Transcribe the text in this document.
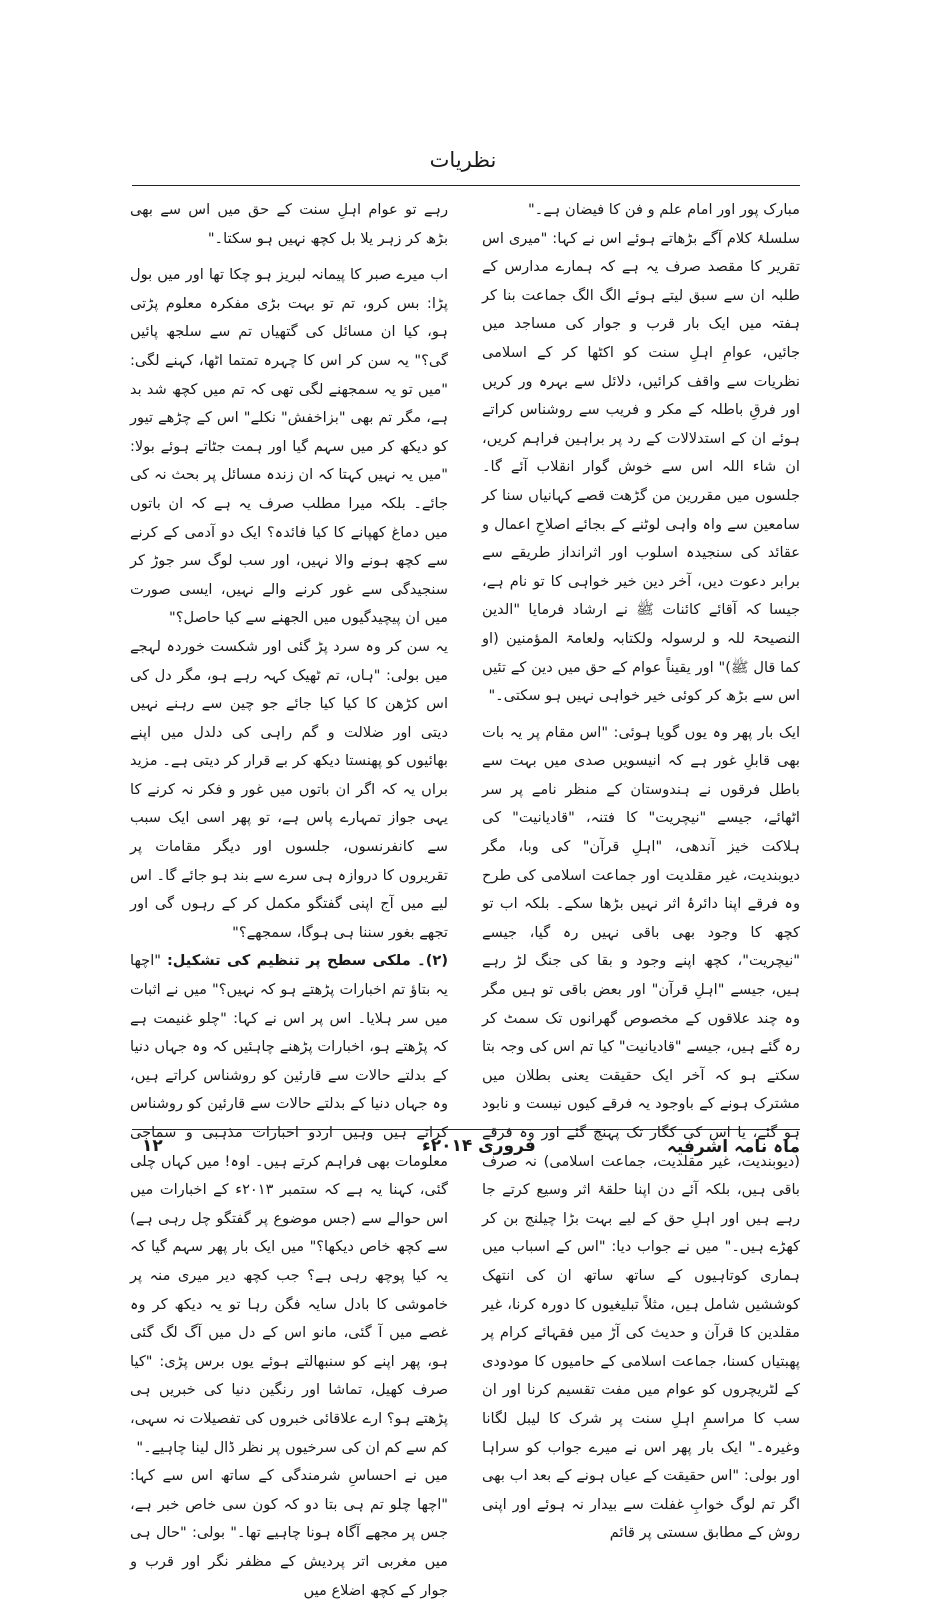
نظریات

مبارک پور اور امام علم و فن کا فیضان ہے۔"

سلسلۂ کلام آگے بڑھاتے ہوئے اس نے کہا: "میری اس تقریر کا مقصد صرف یہ ہے کہ ہمارے مدارس کے طلبہ ان سے سبق لیتے ہوئے الگ الگ جماعت بنا کر ہفتہ میں ایک بار قرب و جوار کی مساجد میں جائیں، عوامِ اہلِ سنت کو اکٹھا کر کے اسلامی نظریات سے واقف کرائیں، دلائل سے بہرہ ور کریں اور فرقِ باطلہ کے مکر و فریب سے روشناس کراتے ہوئے ان کے استدلالات کے رد پر براہین فراہم کریں، ان شاء اللہ اس سے خوش گوار انقلاب آئے گا۔ جلسوں میں مقررین من گڑھت قصے کہانیاں سنا کر سامعین سے واہ واہی لوٹنے کے بجائے اصلاحِ اعمال و عقائد کی سنجیدہ اسلوب اور اثرانداز طریقے سے برابر دعوت دیں، آخر دین خیر خواہی کا تو نام ہے، جیسا کہ آقائے کائنات ﷺ نے ارشاد فرمایا "الدین النصیحۃ للہ و لرسولہ ولکتابہ ولعامۃ المؤمنین (او کما قال ﷺ)" اور یقیناً عوام کے حق میں دین کے تئیں اس سے بڑھ کر کوئی خیر خواہی نہیں ہو سکتی۔"

ایک بار پھر وہ یوں گویا ہوئی: "اس مقام پر یہ بات بھی قابلِ غور ہے کہ انیسویں صدی میں بہت سے باطل فرقوں نے ہندوستان کے منظر نامے پر سر اٹھائے، جیسے "نیچریت" کا فتنہ، "قادیانیت" کی ہلاکت خیز آندھی، "اہلِ قرآن" کی وبا، مگر دیوبندیت، غیر مقلدیت اور جماعت اسلامی کی طرح وہ فرقے اپنا دائرۂ اثر نہیں بڑھا سکے۔ بلکہ اب تو کچھ کا وجود بھی باقی نہیں رہ گیا، جیسے "نیچریت"، کچھ اپنے وجود و بقا کی جنگ لڑ رہے ہیں، جیسے "اہلِ قرآن" اور بعض باقی تو ہیں مگر وہ چند علاقوں کے مخصوص گھرانوں تک سمٹ کر رہ گئے ہیں، جیسے "قادیانیت" کیا تم اس کی وجہ بتا سکتے ہو کہ آخر ایک حقیقت یعنی بطلان میں مشترک ہونے کے باوجود یہ فرقے کیوں نیست و نابود ہو گئے، یا اس کی کگار تک پہنچ گئے اور وہ فرقے (دیوبندیت، غیر مقلدیت، جماعت اسلامی) نہ صرف باقی ہیں، بلکہ آئے دن اپنا حلقۂ اثر وسیع کرتے جا رہے ہیں اور اہلِ حق کے لیے بہت بڑا چیلنج بن کر کھڑے ہیں۔" میں نے جواب دیا: "اس کے اسباب میں ہماری کوتاہیوں کے ساتھ ساتھ ان کی انتھک کوششیں شامل ہیں، مثلاً تبلیغیوں کا دورہ کرنا، غیر مقلدین کا قرآن و حدیث کی آڑ میں فقہائے کرام پر پھبتیاں کسنا، جماعت اسلامی کے حامیوں کا مودودی کے لٹریچروں کو عوام میں مفت تقسیم کرنا اور ان سب کا مراسمِ اہلِ سنت پر شرک کا لیبل لگانا وغیرہ۔" ایک بار پھر اس نے میرے جواب کو سراہا اور بولی: "اس حقیقت کے عیاں ہونے کے بعد اب بھی اگر تم لوگ خوابِ غفلت سے بیدار نہ ہوئے اور اپنی روش کے مطابق سستی پر قائم

رہے تو عوام اہلِ سنت کے حق میں اس سے بھی بڑھ کر زہر یلا بل کچھ نہیں ہو سکتا۔"

اب میرے صبر کا پیمانہ لبریز ہو چکا تھا اور میں بول پڑا: بس کرو، تم تو بہت بڑی مفکرہ معلوم پڑتی ہو، کیا ان مسائل کی گتھیاں تم سے سلجھ پائیں گی؟" یہ سن کر اس کا چہرہ تمتما اٹھا، کہنے لگی: "میں تو یہ سمجھنے لگی تھی کہ تم میں کچھ شد بد ہے، مگر تم بھی "بزاخفش" نکلے" اس کے چڑھے تیور کو دیکھ کر میں سہم گیا اور ہمت جٹاتے ہوئے بولا: "میں یہ نہیں کہتا کہ ان زندہ مسائل پر بحث نہ کی جائے۔ بلکہ میرا مطلب صرف یہ ہے کہ ان باتوں میں دماغ کھپانے کا کیا فائدہ؟ ایک دو آدمی کے کرنے سے کچھ ہونے والا نہیں، اور سب لوگ سر جوڑ کر سنجیدگی سے غور کرنے والے نہیں، ایسی صورت میں ان پیچیدگیوں میں الجھنے سے کیا حاصل؟"

یہ سن کر وہ سرد پڑ گئی اور شکست خوردہ لہجے میں بولی: "ہاں، تم ٹھیک کہہ رہے ہو، مگر دل کی اس کڑھن کا کیا کیا جائے جو چین سے رہنے نہیں دیتی اور ضلالت و گم راہی کی دلدل میں اپنے بھائیوں کو پھنستا دیکھ کر بے قرار کر دیتی ہے۔ مزید براں یہ کہ اگر ان باتوں میں غور و فکر نہ کرنے کا یہی جواز تمہارے پاس ہے، تو پھر اسی ایک سبب سے کانفرنسوں، جلسوں اور دیگر مقامات پر تقریروں کا دروازہ ہی سرے سے بند ہو جائے گا۔ اس لیے میں آج اپنی گفتگو مکمل کر کے رہوں گی اور تجھے بغور سننا ہی ہوگا، سمجھے؟"

(۲)۔ ملکی سطح پر تنظیم کی تشکیل: "اچھا یہ بتاؤ تم اخبارات پڑھتے ہو کہ نہیں؟" میں نے اثبات میں سر ہلایا۔ اس پر اس نے کہا: "چلو غنیمت ہے کہ پڑھتے ہو، اخبارات پڑھنے چاہئیں کہ وہ جہاں دنیا کے بدلتے حالات سے قارئین کو روشناس کراتے ہیں، وہ جہاں دنیا کے بدلتے حالات سے قارئین کو روشناس کراتے ہیں وہیں اردو اخبارات مذہبی و سماجی معلومات بھی فراہم کرتے ہیں۔ اوہ! میں کہاں چلی گئی، کہنا یہ ہے کہ ستمبر ۲۰۱۳ء کے اخبارات میں اس حوالے سے (جس موضوع پر گفتگو چل رہی ہے) سے کچھ خاص دیکھا؟" میں ایک بار پھر سہم گیا کہ یہ کیا پوچھ رہی ہے؟ جب کچھ دیر میری منہ پر خاموشی کا بادل سایہ فگن رہا تو یہ دیکھ کر وہ غصے میں آ گئی، مانو اس کے دل میں آگ لگ گئی ہو، پھر اپنے کو سنبھالتے ہوئے یوں برس پڑی: "کیا صرف کھیل، تماشا اور رنگین دنیا کی خبریں ہی پڑھتے ہو؟ ارے علاقائی خبروں کی تفصیلات نہ سہی، کم سے کم ان کی سرخیوں پر نظر ڈال لینا چاہیے۔"

میں نے احساسِ شرمندگی کے ساتھ اس سے کہا: "اچھا چلو تم ہی بتا دو کہ کون سی خاص خبر ہے، جس پر مجھے آگاہ ہونا چاہیے تھا۔" بولی: "حال ہی میں مغربی اتر پردیش کے مظفر نگر اور قرب و جوار کے کچھ اضلاع میں

ماہ نامہ اشرفیہ
فروری ۲۰۱۴ء
۱۲
